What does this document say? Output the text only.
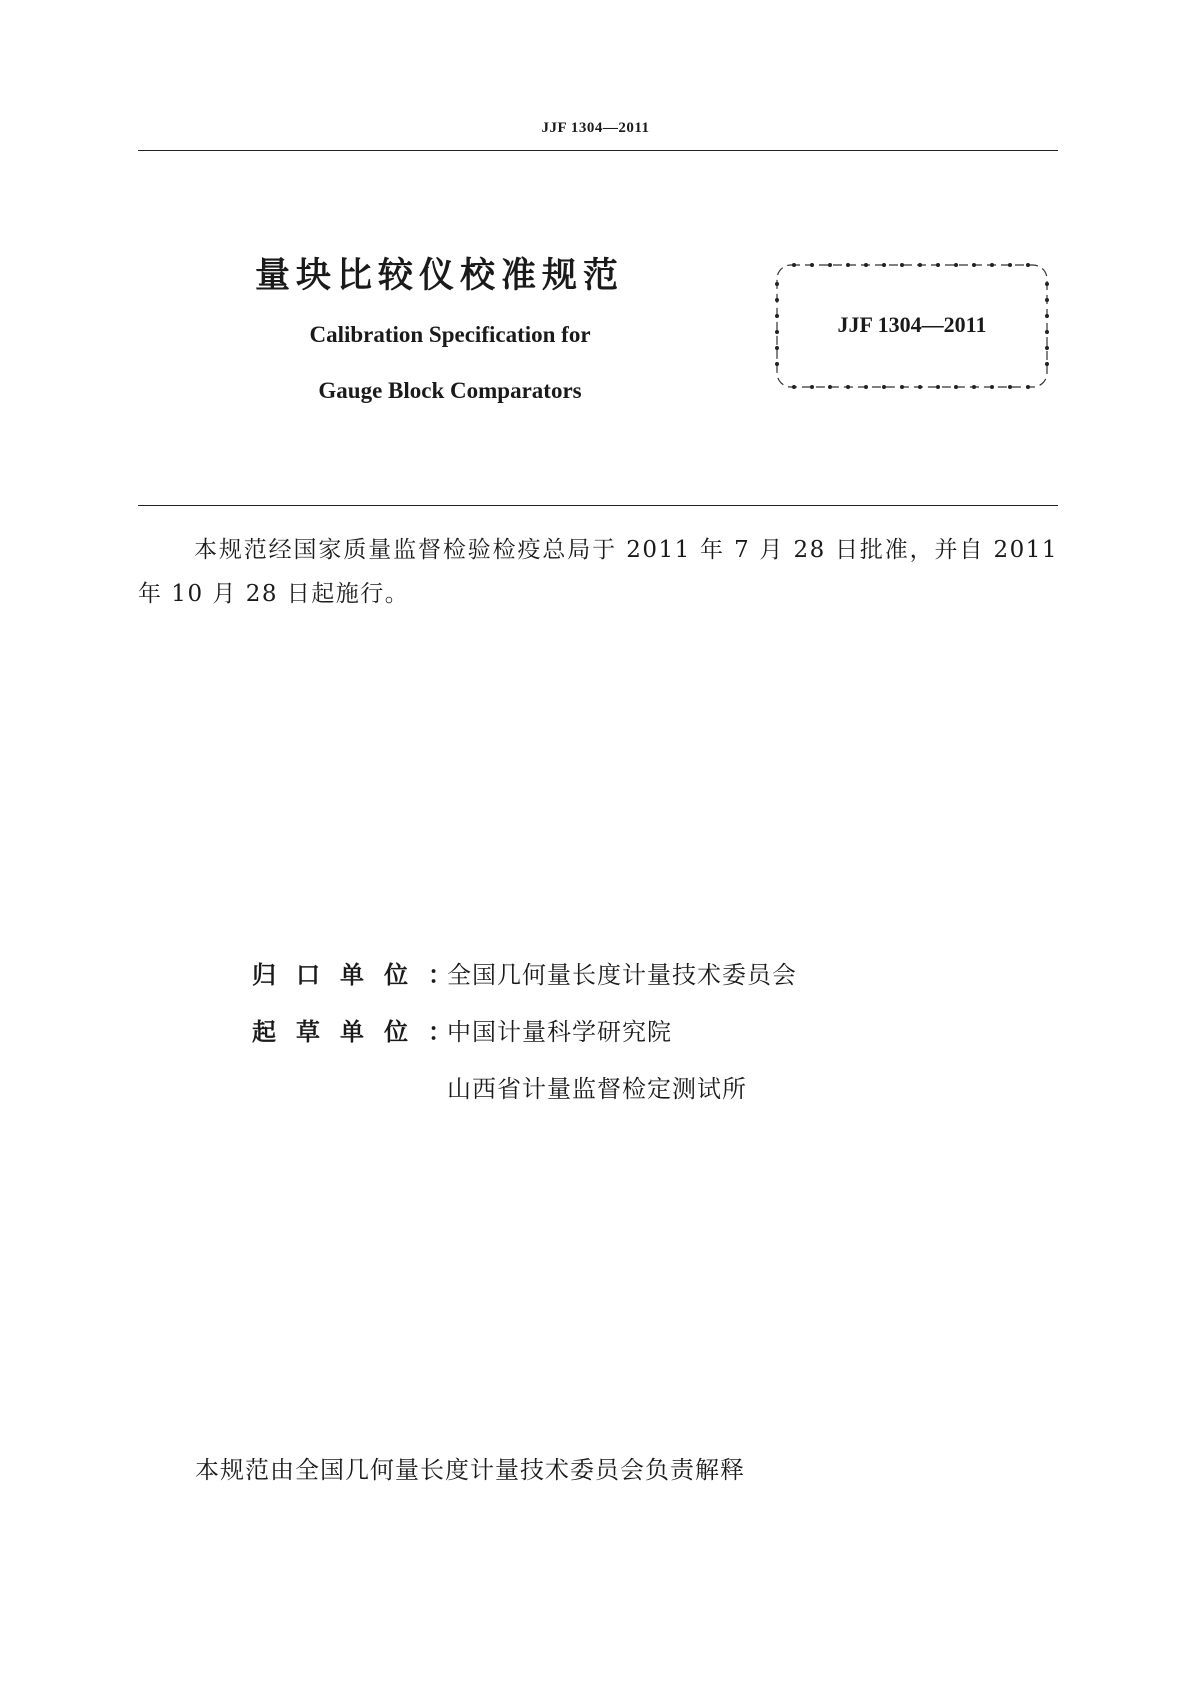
JJF 1304—2011
量块比较仪校准规范
Calibration Specification for
Gauge Block Comparators
JJF 1304—2011
本规范经国家质量监督检验检疫总局于 2011 年 7 月 28 日批准，并自 2011 年 10 月 28 日起施行。
归口单位：全国几何量长度计量技术委员会
起草单位：中国计量科学研究院
山西省计量监督检定测试所
本规范由全国几何量长度计量技术委员会负责解释
